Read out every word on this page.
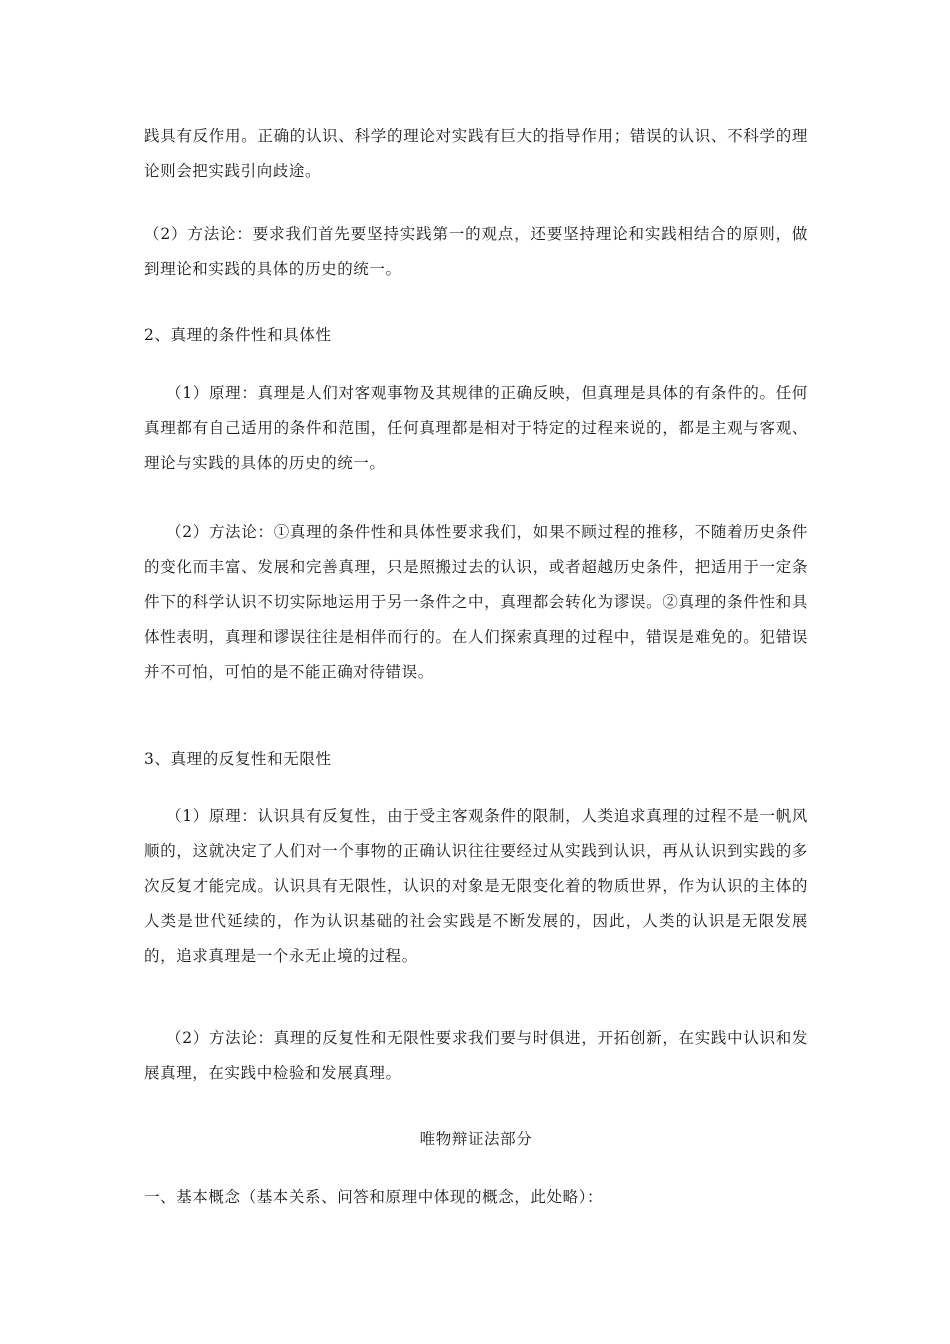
践具有反作用。正确的认识、科学的理论对实践有巨大的指导作用；错误的认识、不科学的理论则会把实践引向歧途。

（2）方法论：要求我们首先要坚持实践第一的观点，还要坚持理论和实践相结合的原则，做到理论和实践的具体的历史的统一。

2、真理的条件性和具体性

（1）原理：真理是人们对客观事物及其规律的正确反映，但真理是具体的有条件的。任何真理都有自己适用的条件和范围，任何真理都是相对于特定的过程来说的，都是主观与客观、理论与实践的具体的历史的统一。

（2）方法论：①真理的条件性和具体性要求我们，如果不顾过程的推移，不随着历史条件的变化而丰富、发展和完善真理，只是照搬过去的认识，或者超越历史条件，把适用于一定条件下的科学认识不切实际地运用于另一条件之中，真理都会转化为谬误。②真理的条件性和具体性表明，真理和谬误往往是相伴而行的。在人们探索真理的过程中，错误是难免的。犯错误并不可怕，可怕的是不能正确对待错误。

3、真理的反复性和无限性

（1）原理：认识具有反复性，由于受主客观条件的限制，人类追求真理的过程不是一帆风顺的，这就决定了人们对一个事物的正确认识往往要经过从实践到认识，再从认识到实践的多次反复才能完成。认识具有无限性，认识的对象是无限变化着的物质世界，作为认识的主体的人类是世代延续的，作为认识基础的社会实践是不断发展的，因此，人类的认识是无限发展的，追求真理是一个永无止境的过程。

（2）方法论：真理的反复性和无限性要求我们要与时俱进，开拓创新，在实践中认识和发展真理，在实践中检验和发展真理。

唯物辩证法部分

一、基本概念（基本关系、问答和原理中体现的概念，此处略）：
